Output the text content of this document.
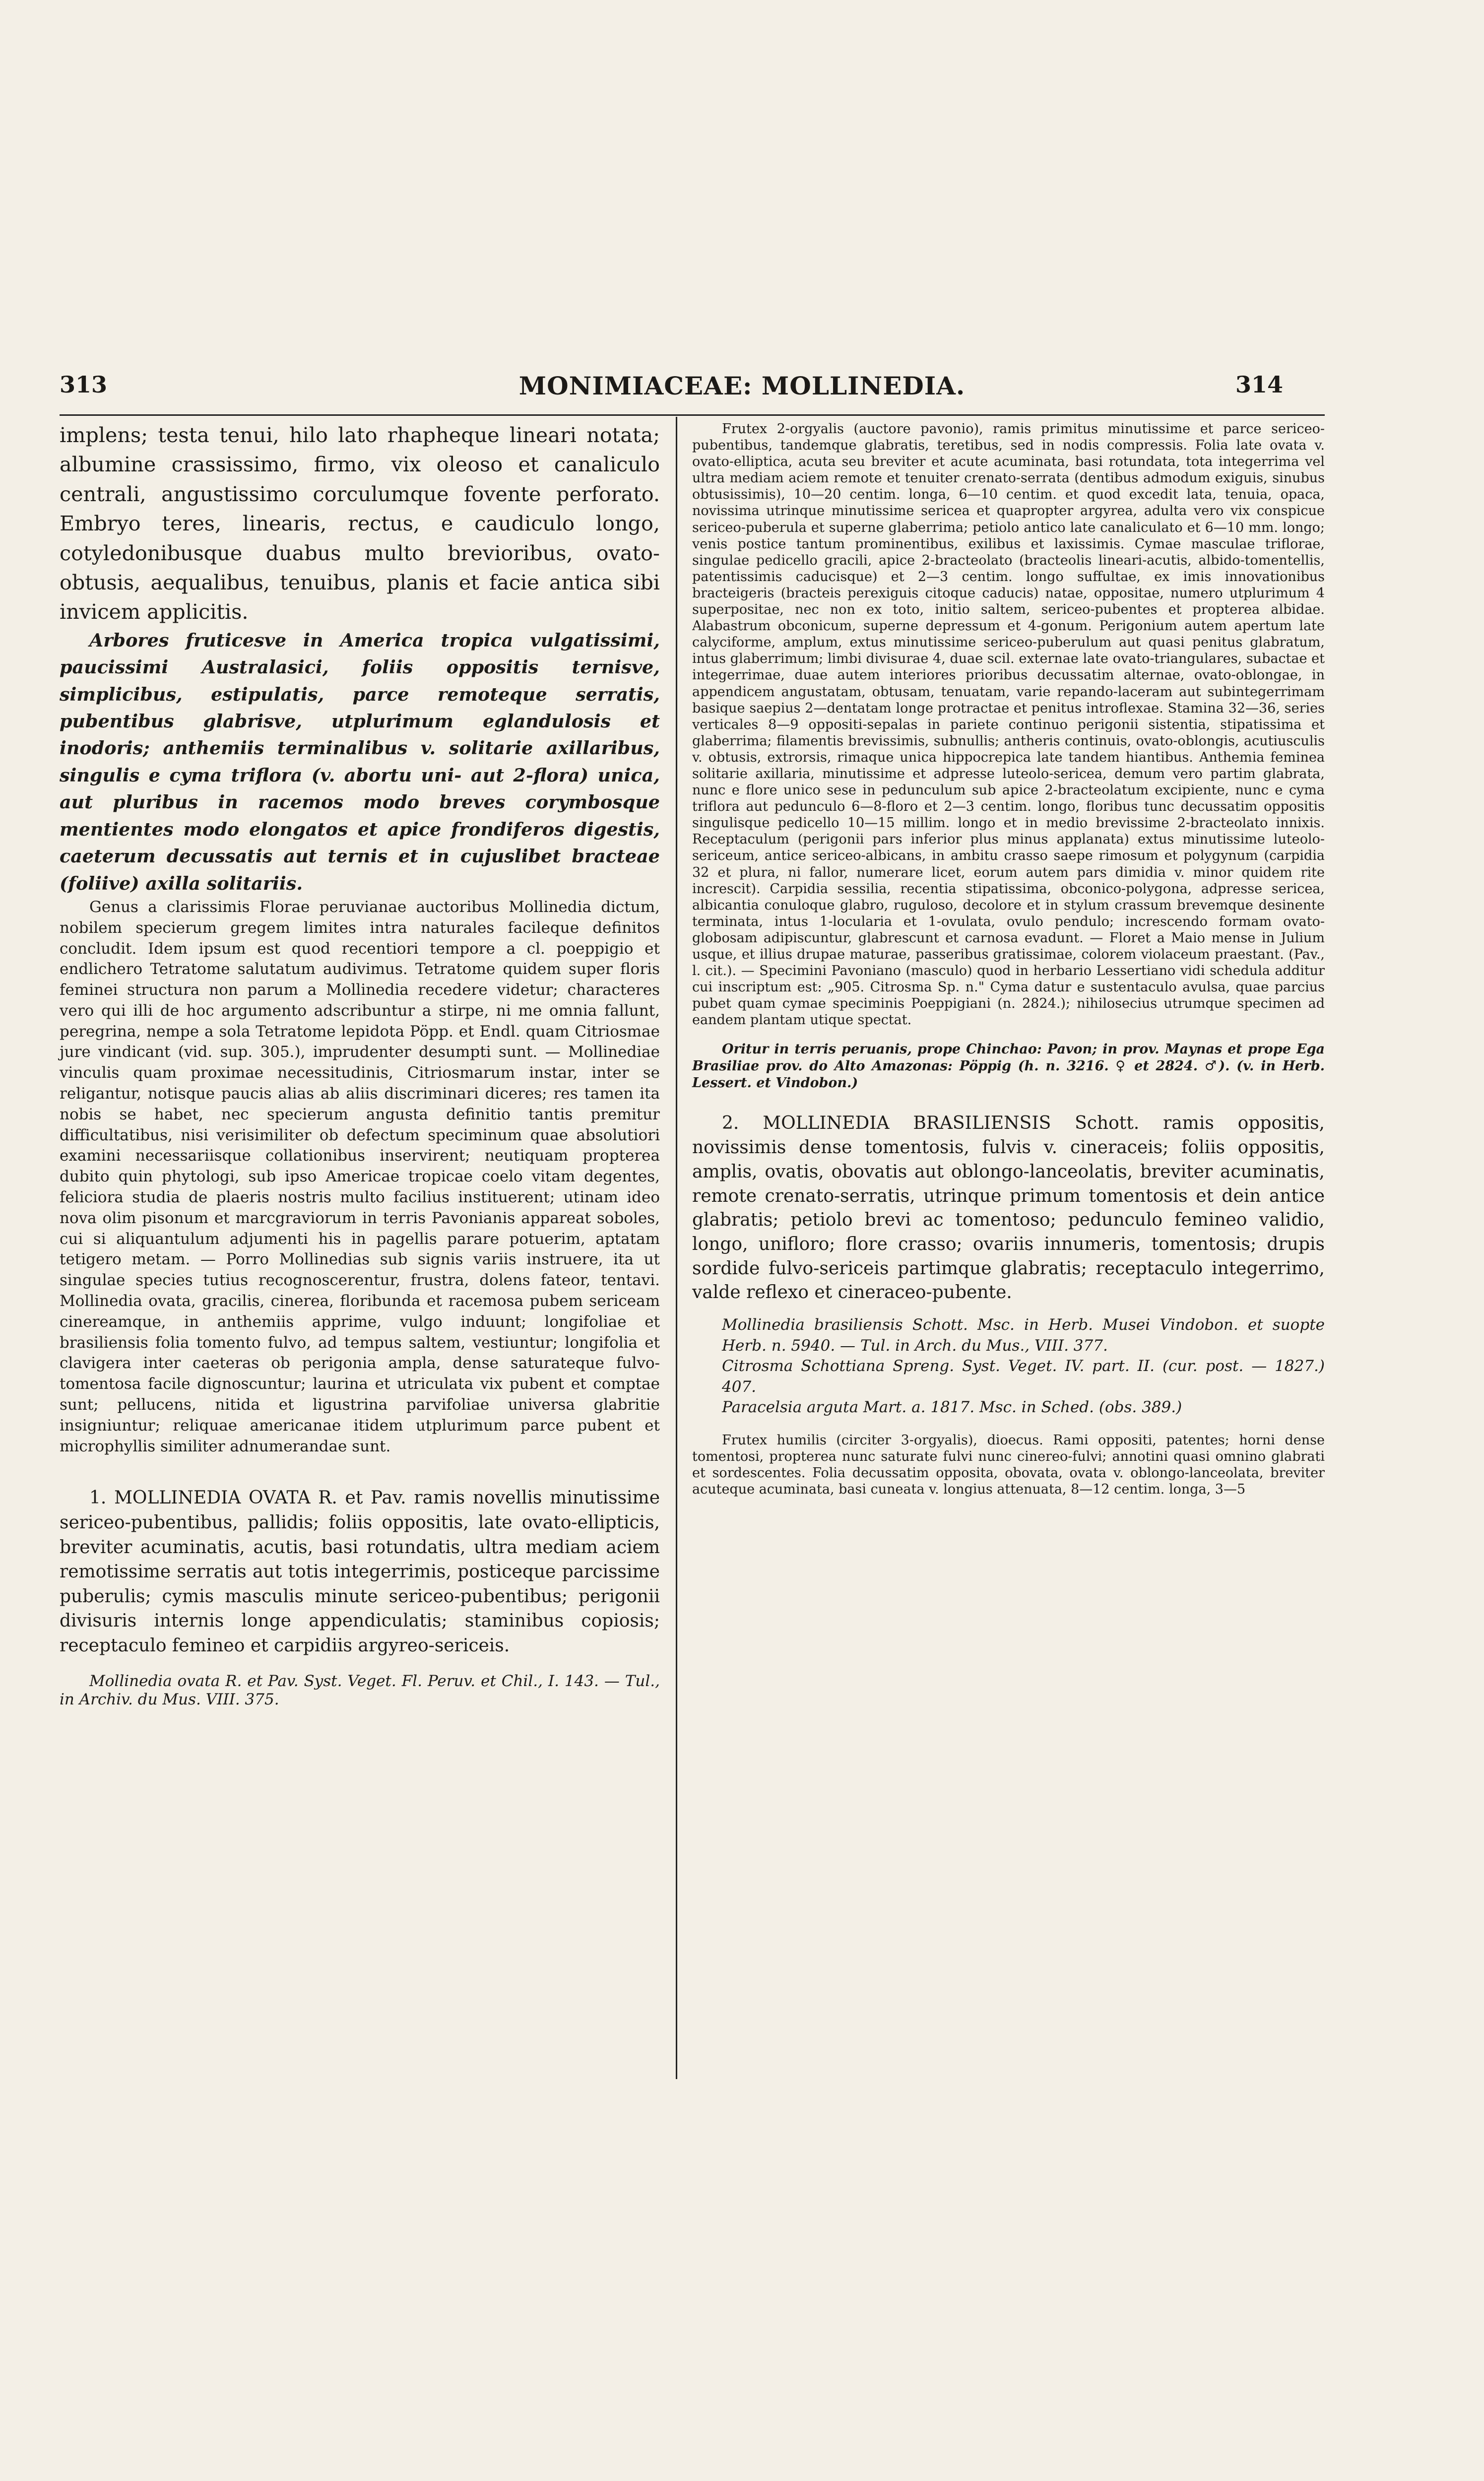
313	MONIMIACEAE: MOLLINEDIA.	314

implens; testa tenui, hilo lato rhapheque lineari notata; albumine crassissimo, firmo, vix oleoso et canaliculo centrali, angustissimo corculumque fovente perforato. Embryo teres, linearis, rectus, e caudiculo longo, cotyledonibusque duabus multo brevioribus, ovato-obtusis, aequalibus, tenuibus, planis et facie antica sibi invicem applicitis.

Arbores fruticesve in America tropica vulgatissimi, paucissimi Australasici, foliis oppositis ternisve, simplicibus, estipulatis, parce remoteque serratis, pubentibus glabrisve, utplurimum eglandulosis et inodoris; anthemiis terminalibus v. solitarie axillaribus, singulis e cyma triflora (v. abortu uni- aut 2-flora) unica, aut pluribus in racemos modo breves corymbosque mentientes modo elongatos et apice frondiferos digestis, caeterum decussatis aut ternis et in cujuslibet bracteae (foliive) axilla solitariis.

Genus a clarissimis Florae peruvianae auctoribus Mollinedia dictum, nobilem specierum gregem limites intra naturales facileque definitos concludit. Idem ipsum est quod recentiori tempore a cl. poeppigio et endlichero Tetratome salutatum audivimus. Tetratome quidem super floris feminei structura non parum a Mollinedia recedere videtur; characteres vero qui illi de hoc argumento adscribuntur a stirpe, ni me omnia fallunt, peregrina, nempe a sola Tetratome lepidota Pöpp. et Endl. quam Citriosmae jure vindicant (vid. sup. 305.), imprudenter desumpti sunt. — Mollinediae vinculis quam proximae necessitudinis, Citriosmarum instar, inter se religantur, notisque paucis alias ab aliis discriminari diceres; res tamen ita nobis se habet, nec specierum angusta definitio tantis premitur difficultatibus, nisi verisimiliter ob defectum speciminum quae absolutiori examini necessariisque collationibus inservirent; neutiquam propterea dubito quin phytologi, sub ipso Americae tropicae coelo vitam degentes, feliciora studia de plaeris nostris multo facilius instituerent; utinam ideo nova olim pisonum et marcgraviorum in terris Pavonianis appareat soboles, cui si aliquantulum adjumenti his in pagellis parare potuerim, aptatam tetigero metam. — Porro Mollinedias sub signis variis instruere, ita ut singulae species tutius recognoscerentur, frustra, dolens fateor, tentavi. Mollinedia ovata, gracilis, cinerea, floribunda et racemosa pubem sericeam cinereamque, in anthemiis apprime, vulgo induunt; longifoliae et brasiliensis folia tomento fulvo, ad tempus saltem, vestiuntur; longifolia et clavigera inter caeteras ob perigonia ampla, dense saturateque fulvo-tomentosa facile dignoscuntur; laurina et utriculata vix pubent et comptae sunt; pellucens, nitida et ligustrina parvifoliae universa glabritie insigniuntur; reliquae americanae itidem utplurimum parce pubent et microphyllis similiter adnumerandae sunt.

1. MOLLINEDIA OVATA R. et Pav. ramis novellis minutissime sericeo-pubentibus, pallidis; foliis oppositis, late ovato-ellipticis, breviter acuminatis, acutis, basi rotundatis, ultra mediam aciem remotissime serratis aut totis integerrimis, posticeque parcissime puberulis; cymis masculis minute sericeo-pubentibus; perigonii divisuris internis longe appendiculatis; staminibus copiosis; receptaculo femineo et carpidiis argyreo-sericeis.

Mollinedia ovata R. et Pav. Syst. Veget. Fl. Peruv. et Chil., I. 143. — Tul., in Archiv. du Mus. VIII. 375.

Frutex 2-orgyalis (auctore pavonio), ramis primitus minutissime et parce sericeo-pubentibus, tandemque glabratis, teretibus, sed in nodis compressis. Folia late ovata v. ovato-elliptica, acuta seu breviter et acute acuminata, basi rotundata, tota integerrima vel ultra mediam aciem remote et tenuiter crenato-serrata (dentibus admodum exiguis, sinubus obtusissimis), 10—20 centim. longa, 6—10 centim. et quod excedit lata, tenuia, opaca, novissima utrinque minutissime sericea et quapropter argyrea, adulta vero vix conspicue sericeo-puberula et superne glaberrima; petiolo antico late canaliculato et 6—10 mm. longo; venis postice tantum prominentibus, exilibus et laxissimis. Cymae masculae triflorae, singulae pedicello gracili, apice 2-bracteolato (bracteolis lineari-acutis, albido-tomentellis, patentissimis caducisque) et 2—3 centim. longo suffultae, ex imis innovationibus bracteigeris (bracteis perexiguis citoque caducis) natae, oppositae, numero utplurimum 4 superpositae, nec non ex toto, initio saltem, sericeo-pubentes et propterea albidae. Alabastrum obconicum, superne depressum et 4-gonum. Perigonium autem apertum late calyciforme, amplum, extus minutissime sericeo-puberulum aut quasi penitus glabratum, intus glaberrimum; limbi divisurae 4, duae scil. externae late ovato-triangulares, subactae et integerrimae, duae autem interiores prioribus decussatim alternae, ovato-oblongae, in appendicem angustatam, obtusam, tenuatam, varie repando-laceram aut subintegerrimam basique saepius 2—dentatam longe protractae et penitus introflexae. Stamina 32—36, series verticales 8—9 oppositi-sepalas in pariete continuo perigonii sistentia, stipatissima et glaberrima; filamentis brevissimis, subnullis; antheris continuis, ovato-oblongis, acutiusculis v. obtusis, extrorsis, rimaque unica hippocrepica late tandem hiantibus. Anthemia feminea solitarie axillaria, minutissime et adpresse luteolo-sericea, demum vero partim glabrata, nunc e flore unico sese in pedunculum sub apice 2-bracteolatum excipiente, nunc e cyma triflora aut pedunculo 6—8-floro et 2—3 centim. longo, floribus tunc decussatim oppositis singulisque pedicello 10—15 millim. longo et in medio brevissime 2-bracteolato innixis. Receptaculum (perigonii pars inferior plus minus applanata) extus minutissime luteolo-sericeum, antice sericeo-albicans, in ambitu crasso saepe rimosum et polygynum (carpidia 32 et plura, ni fallor, numerare licet, eorum autem pars dimidia v. minor quidem rite increscit). Carpidia sessilia, recentia stipatissima, obconico-polygona, adpresse sericea, albicantia conuloque glabro, ruguloso, decolore et in stylum crassum brevemque desinente terminata, intus 1-locularia et 1-ovulata, ovulo pendulo; increscendo formam ovato-globosam adipiscuntur, glabrescunt et carnosa evadunt. — Floret a Maio mense in Julium usque, et illius drupae maturae, passeribus gratissimae, colorem violaceum praestant. (Pav., l. cit.). — Specimini Pavoniano (masculo) quod in herbario Lessertiano vidi schedula additur cui inscriptum est: „905. Citrosma Sp. n." Cyma datur e sustentaculo avulsa, quae parcius pubet quam cymae speciminis Poeppigiani (n. 2824.); nihilosecius utrumque specimen ad eandem plantam utique spectat.

Oritur in terris peruanis, prope Chinchao: Pavon; in prov. Maynas et prope Ega Brasiliae prov. do Alto Amazonas: Pöppig (h. n. 3216. ♀ et 2824. ♂). (v. in Herb. Lessert. et Vindobon.)

2. MOLLINEDIA BRASILIENSIS Schott. ramis oppositis, novissimis dense tomentosis, fulvis v. cineraceis; foliis oppositis, amplis, ovatis, obovatis aut oblongo-lanceolatis, breviter acuminatis, remote crenato-serratis, utrinque primum tomentosis et dein antice glabratis; petiolo brevi ac tomentoso; pedunculo femineo validio, longo, unifloro; flore crasso; ovariis innumeris, tomentosis; drupis sordide fulvo-sericeis partimque glabratis; receptaculo integerrimo, valde reflexo et cineraceo-pubente.

Mollinedia brasiliensis Schott. Msc. in Herb. Musei Vindobon. et suopte Herb. n. 5940. — Tul. in Arch. du Mus., VIII. 377.

Citrosma Schottiana Spreng. Syst. Veget. IV. part. II. (cur. post. — 1827.) 407.

Paracelsia arguta Mart. a. 1817. Msc. in Sched. (obs. 389.)

Frutex humilis (circiter 3-orgyalis), dioecus. Rami oppositi, patentes; horni dense tomentosi, propterea nunc saturate fulvi nunc cinereo-fulvi; annotini quasi omnino glabrati et sordescentes. Folia decussatim opposita, obovata, ovata v. oblongo-lanceolata, breviter acuteque acuminata, basi cuneata v. longius attenuata, 8—12 centim. longa, 3—5
